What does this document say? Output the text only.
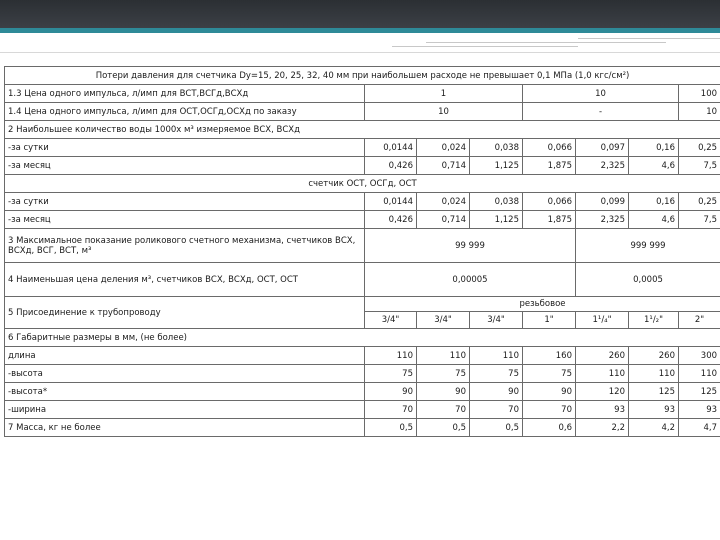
Потери давления для счетчика Dу=15, 20, 25, 32, 40 мм при наибольшем расходе не превышает 0,1 МПа (1,0 кгс/см²)							
1.3 Цена одного импульса, л/имп для ВСТ,ВСГд,ВСХд	1			10			100
1.4 Цена одного импульса, л/имп для ОСТ,ОСГд,ОСХд по заказу	10			-			10
2 Наибольшее количество воды 1000х м³ измеряемое ВСХ, ВСХд							
-за сутки	0,0144	0,024	0,038	0,066	0,097	0,16	0,25
-за месяц	0,426	0,714	1,125	1,875	2,325	4,6	7,5
счетчик ОСТ, ОСГд, ОСТ							
-за сутки	0,0144	0,024	0,038	0,066	0,099	0,16	0,25
-за месяц	0,426	0,714	1,125	1,875	2,325	4,6	7,5
3 Максимальное показание роликового счетного механизма, счетчиков ВСХ, ВСХд, ВСГ, ВСТ, м³	99 999				999 999		
4 Наименьшая цена деления м³, счетчиков ВСХ, ВСХд, ОСТ, ОСТ	0,00005				0,0005		
5 Присоединение к трубопроводу	резьбовое						
	3/4"	3/4"	3/4"	1"	1¹/₄"	1¹/₂"	2"
6 Габаритные размеры в мм, (не более)							
длина	110	110	110	160	260	260	300
-высота	75	75	75	75	110	110	110
-высота*	90	90	90	90	120	125	125
-ширина	70	70	70	70	93	93	93
7 Масса, кг не более	0,5	0,5	0,5	0,6	2,2	4,2	4,7
